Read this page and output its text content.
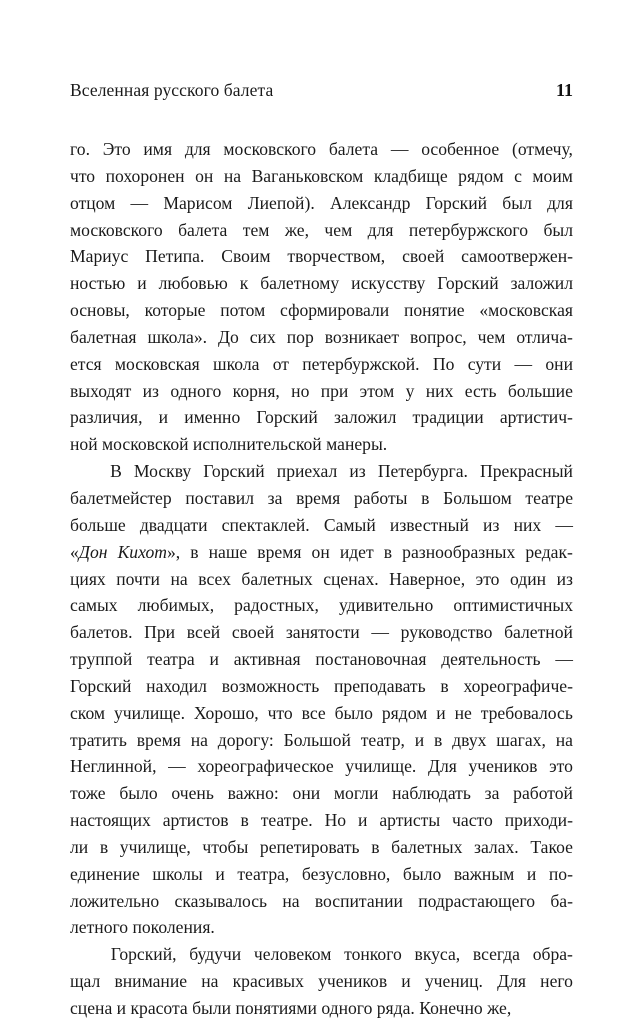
Вселенная русского балета	11

го. Это имя для московского балета — особенное (отмечу,
что похоронен он на Ваганьковском кладбище рядом с моим
отцом — Марисом Лиепой). Александр Горский был для
московского балета тем же, чем для петербуржского был
Мариус Петипа. Своим творчеством, своей самоотвержен-
ностью и любовью к балетному искусству Горский заложил
основы, которые потом сформировали понятие «московская
балетная школа». До сих пор возникает вопрос, чем отлича-
ется московская школа от петербуржской. По сути — они
выходят из одного корня, но при этом у них есть большие
различия, и именно Горский заложил традиции артистич-
ной московской исполнительской манеры.

В Москву Горский приехал из Петербурга. Прекрасный
балетмейстер поставил за время работы в Большом театре
больше двадцати спектаклей. Самый известный из них —
«Дон Кихот», в наше время он идет в разнообразных редак-
циях почти на всех балетных сценах. Наверное, это один из
самых любимых, радостных, удивительно оптимистичных
балетов. При всей своей занятости — руководство балетной
труппой театра и активная постановочная деятельность —
Горский находил возможность преподавать в хореографиче-
ском училище. Хорошо, что все было рядом и не требовалось
тратить время на дорогу: Большой театр, и в двух шагах, на
Неглинной, — хореографическое училище. Для учеников это
тоже было очень важно: они могли наблюдать за работой
настоящих артистов в театре. Но и артисты часто приходи-
ли в училище, чтобы репетировать в балетных залах. Такое
единение школы и театра, безусловно, было важным и по-
ложительно сказывалось на воспитании подрастающего ба-
летного поколения.

Горский, будучи человеком тонкого вкуса, всегда обра-
щал внимание на красивых учеников и учениц. Для него
сцена и красота были понятиями одного ряда. Конечно же,
